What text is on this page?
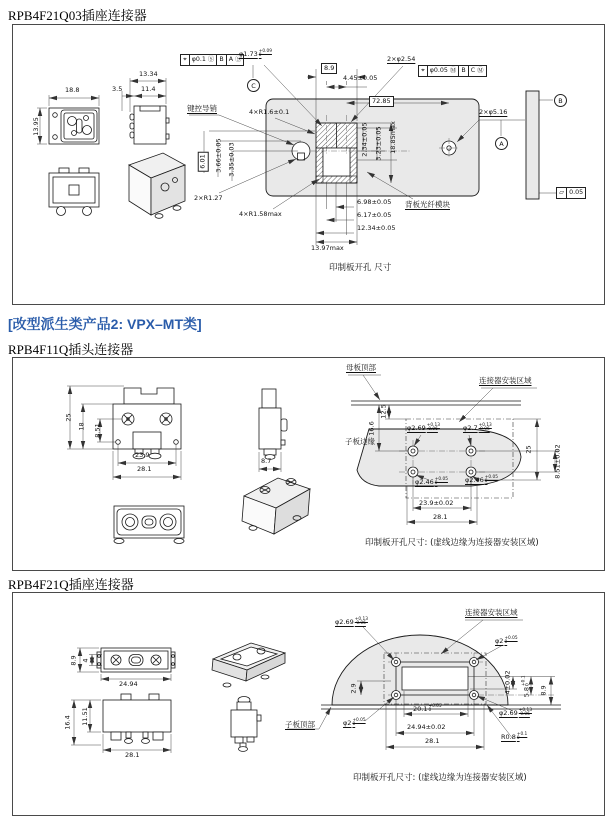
RPB4F21Q03插座连接器
⌖ φ0.1 Ⓢ B A Ⓢ
⌖ φ0.05 Ⓜ B C Ⓜ
▱ 0.05
C
A
B
φ1.73 +0.09
0
8.9
4.45±0.05
2×φ2.54
72.85
2×φ5.16
键控导销	4×R1.6±0.1
6.01	3.66±0.05 3.35±0.03
2×R1.27
4×R1.58max
2.34±0.05 3.23±0.05 18.85max
6.98±0.05
6.17±0.05
12.34±0.05
13.97max
背板光纤模块
印制板开孔 尺寸
18.8
13.95
13.34
3.5	11.4
[改型派生类产品2: VPX–MT类]
RPB4F11Q插头连接器
25
18 8.51
23.9
28.1
8.7
母板顶部
连接器安装区域
子板边缘
12.5
16.6	φ2.69 +0.13
-0.06	φ2.7 +0.13
-0.06
25	8.51±0.02
φ2.46 +0.05
0	φ2.46 +0.05
0
23.9±0.02
28.1
印制板开孔尺寸: (虚线边缘为连接器安装区域)
RPB4F21Q插座连接器
8.9 4
24.94
16.4 11.51
28.1
子板顶部
φ2.69 +0.13
-0.06
连接器安装区域
φ2 +0.05
0
2.9	4±0.02 5.8
+0.1 0
8.9
20.1 +0.05
0	φ2.69 +0.13
-0.06
φ2 +0.05
0	24.94±0.02
R0.8 +0.1
0
28.1
印制板开孔尺寸: (虚线边缘为连接器安装区域)
